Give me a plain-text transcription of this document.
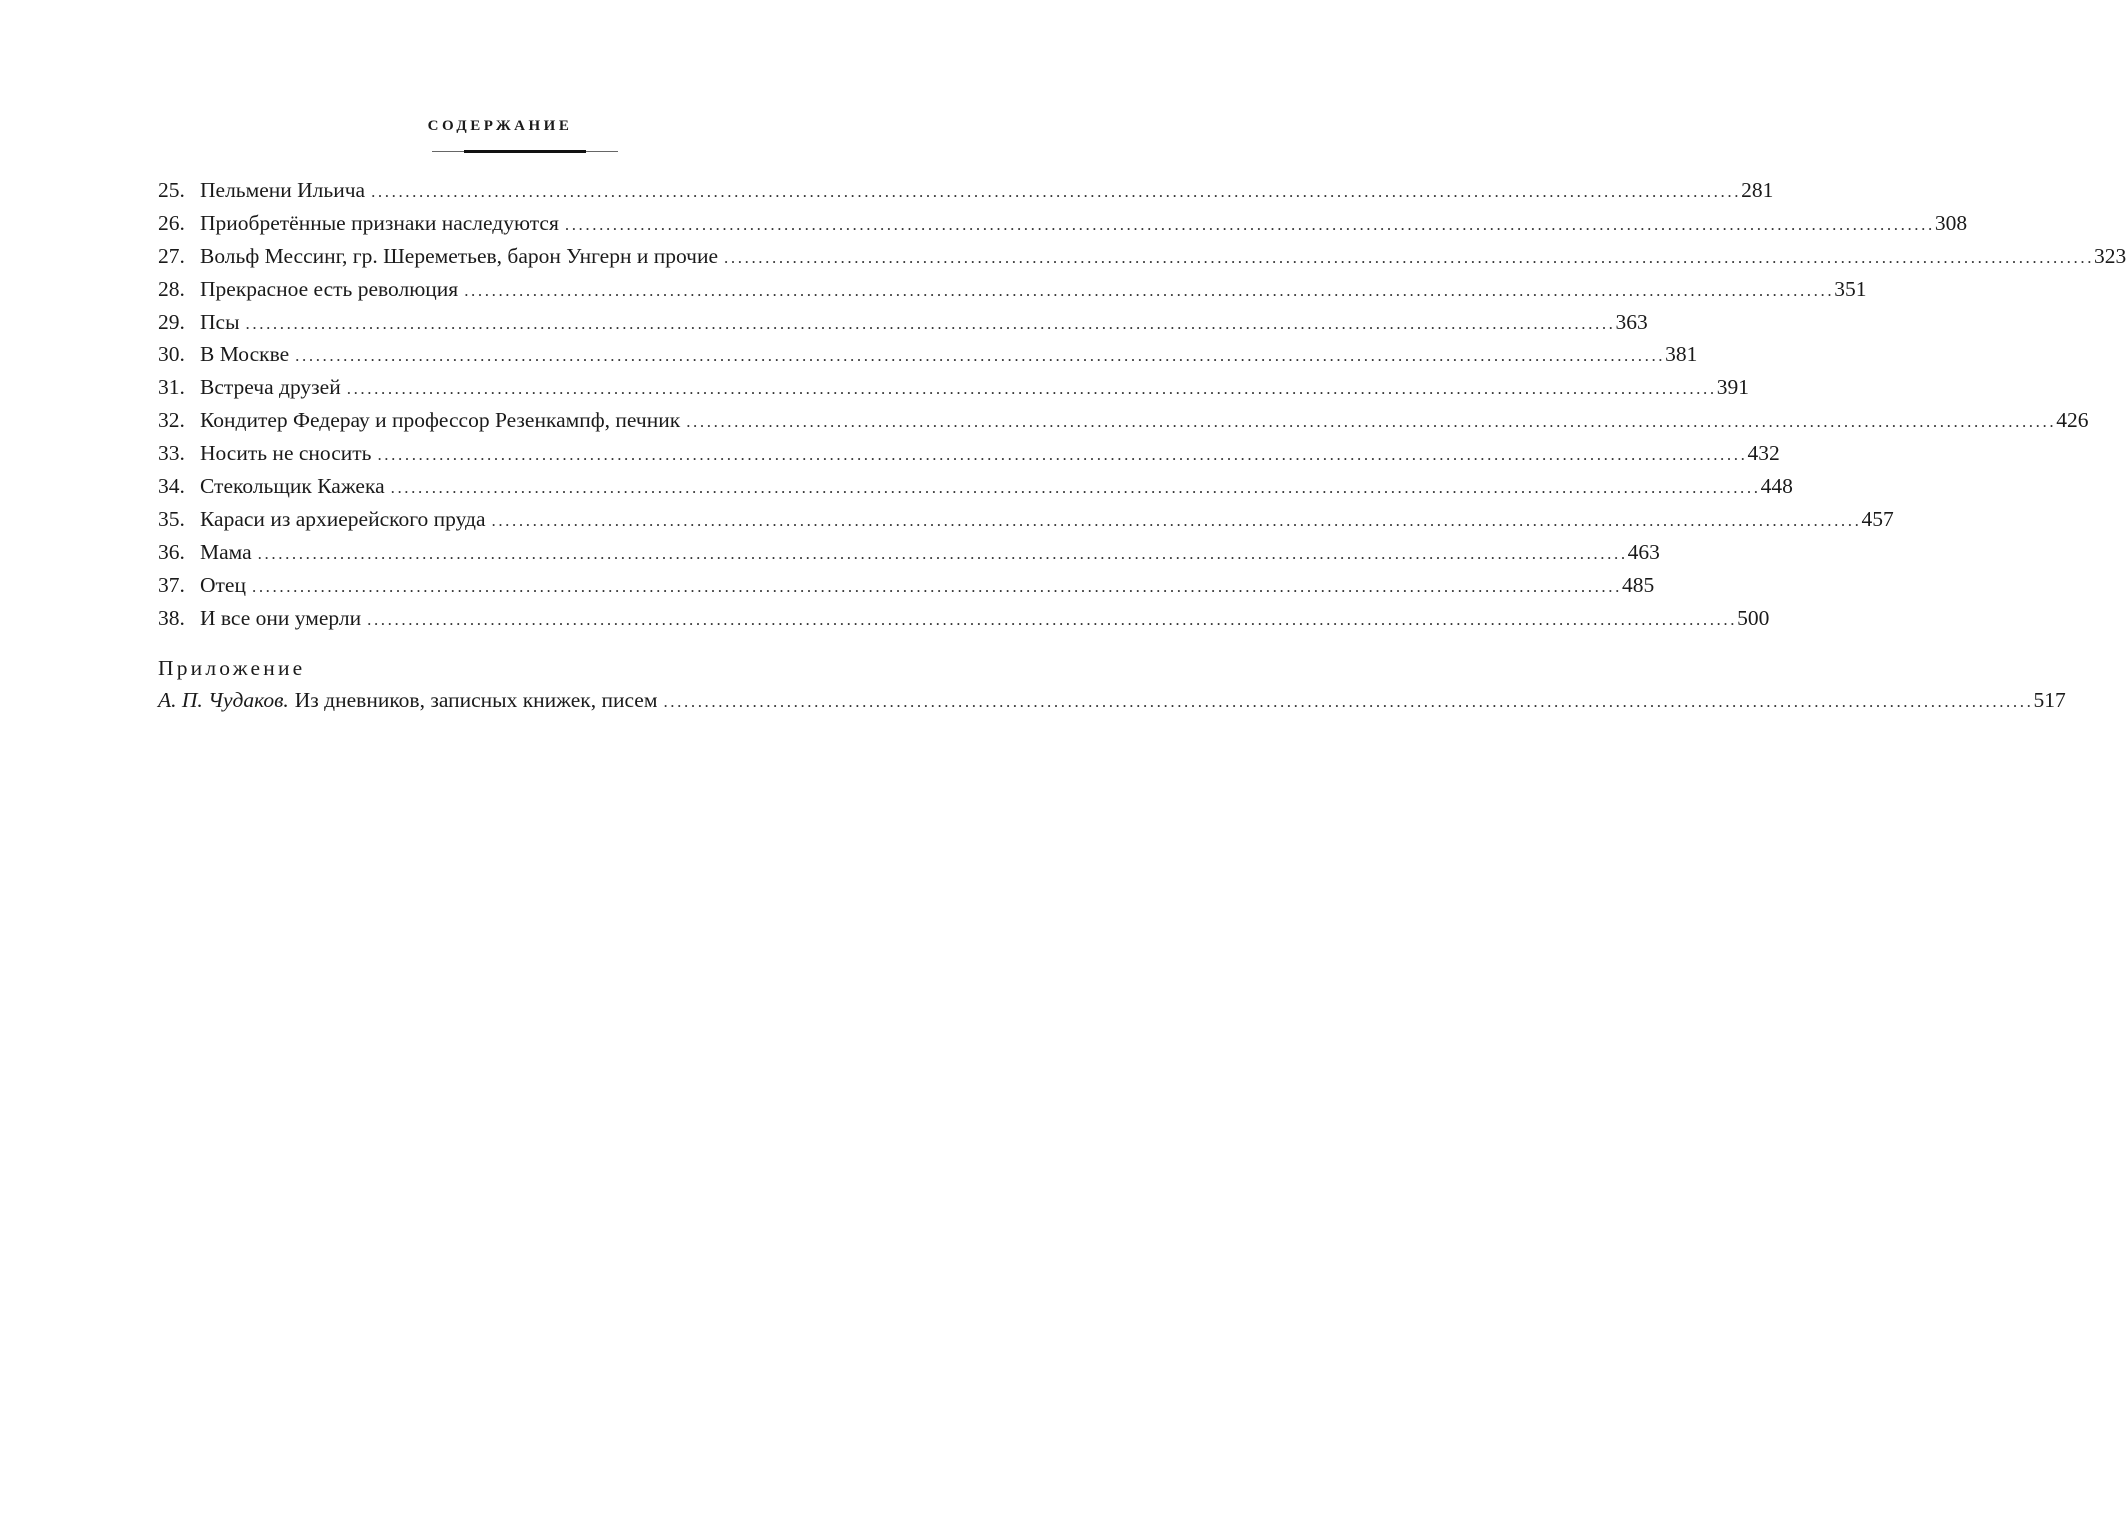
СОДЕРЖАНИЕ
25. Пельмени Ильича ........................................................................................................................................................................................................ 281
26. Приобретённые признаки наследуются ........................................................................................................................................................................................................ 308
27. Вольф Мессинг, гр. Шереметьев, барон Унгерн и прочие ........................................................................................................................................................................................................ 323
28. Прекрасное есть революция ........................................................................................................................................................................................................ 351
29. Псы ........................................................................................................................................................................................................ 363
30. В Москве ........................................................................................................................................................................................................ 381
31. Встреча друзей ........................................................................................................................................................................................................ 391
32. Кондитер Федерау и профессор Резенкампф, печник ........................................................................................................................................................................................................ 426
33. Носить не сносить ........................................................................................................................................................................................................ 432
34. Стекольщик Кажека ........................................................................................................................................................................................................ 448
35. Караси из архиерейского пруда ........................................................................................................................................................................................................ 457
36. Мама ........................................................................................................................................................................................................ 463
37. Отец ........................................................................................................................................................................................................ 485
38. И все они умерли ........................................................................................................................................................................................................ 500
Приложение
А. П. Чудаков. Из дневников, записных книжек, писем ........................................................................................................................................................................................................ 517
